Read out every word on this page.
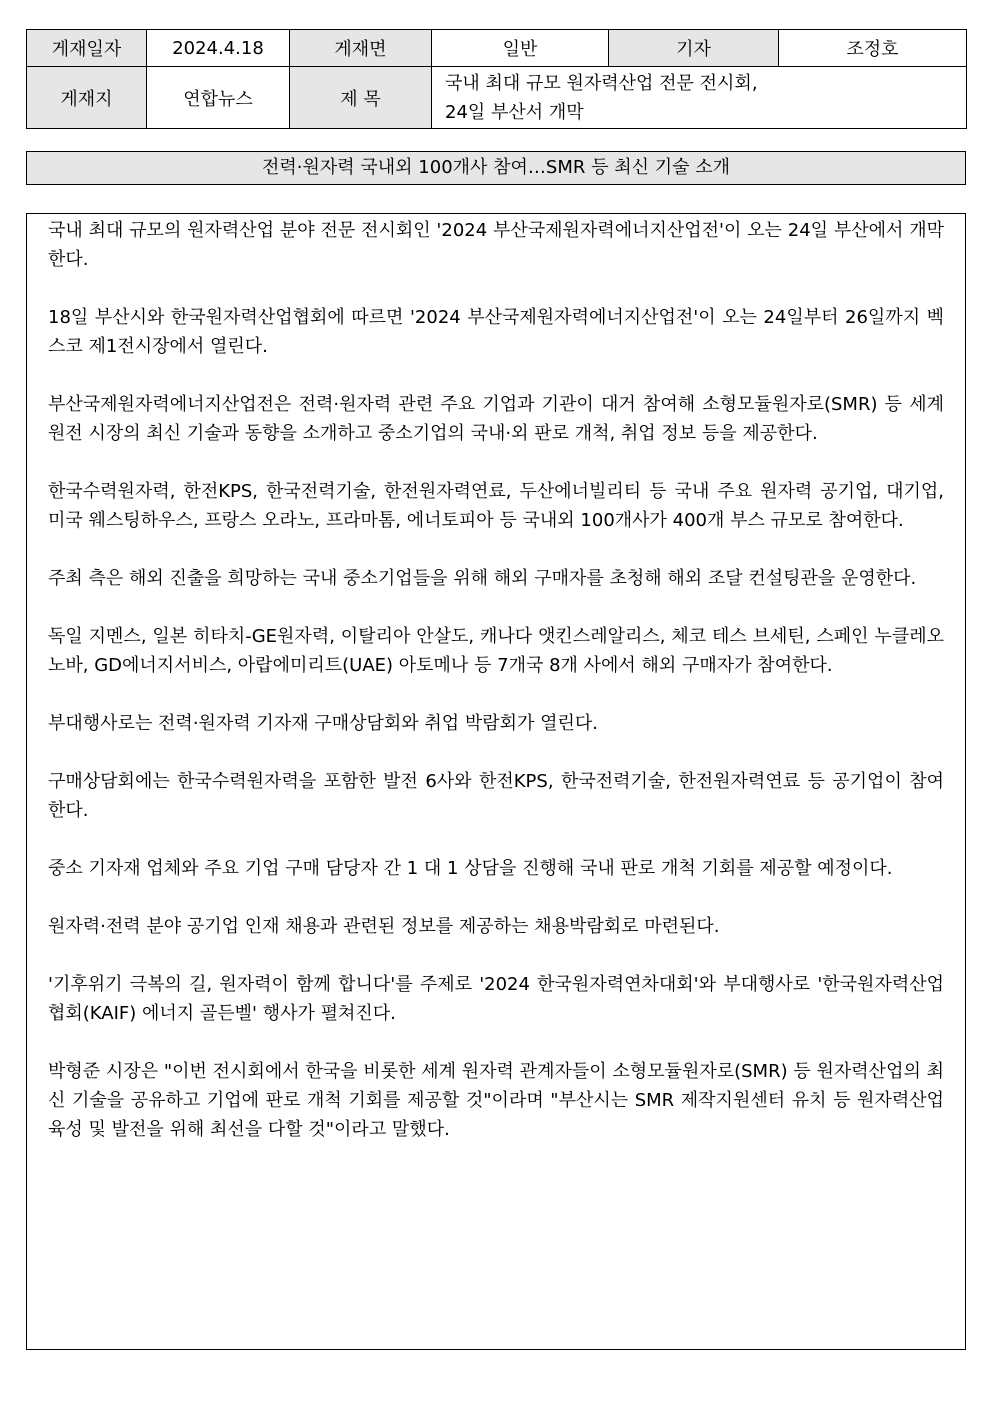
게재일자	2024.4.18	게재면	일반	기자	조정호
게재지	연합뉴스	제 목	국내 최대 규모 원자력산업 전문 전시회,
24일 부산서 개막		
전력·원자력 국내외 100개사 참여…SMR 등 최신 기술 소개

국내 최대 규모의 원자력산업 분야 전문 전시회인 '2024 부산국제원자력에너지산업전'이 오는 24일 부산에서 개막한다.

18일 부산시와 한국원자력산업협회에 따르면 '2024 부산국제원자력에너지산업전'이 오는 24일부터 26일까지 벡스코 제1전시장에서 열린다.

부산국제원자력에너지산업전은 전력·원자력 관련 주요 기업과 기관이 대거 참여해 소형모듈원자로(SMR) 등 세계 원전 시장의 최신 기술과 동향을 소개하고 중소기업의 국내·외 판로 개척, 취업 정보 등을 제공한다.

한국수력원자력, 한전KPS, 한국전력기술, 한전원자력연료, 두산에너빌리티 등 국내 주요 원자력 공기업, 대기업, 미국 웨스팅하우스, 프랑스 오라노, 프라마톰, 에너토피아 등 국내외 100개사가 400개 부스 규모로 참여한다.

주최 측은 해외 진출을 희망하는 국내 중소기업들을 위해 해외 구매자를 초청해 해외 조달 컨설팅관을 운영한다.

독일 지멘스, 일본 히타치-GE원자력, 이탈리아 안살도, 캐나다 앳킨스레알리스, 체코 테스 브세틴, 스페인 누클레오노바, GD에너지서비스, 아랍에미리트(UAE) 아토메나 등 7개국 8개 사에서 해외 구매자가 참여한다.

부대행사로는 전력·원자력 기자재 구매상담회와 취업 박람회가 열린다.

구매상담회에는 한국수력원자력을 포함한 발전 6사와 한전KPS, 한국전력기술, 한전원자력연료 등 공기업이 참여한다.

중소 기자재 업체와 주요 기업 구매 담당자 간 1 대 1 상담을 진행해 국내 판로 개척 기회를 제공할 예정이다.

원자력·전력 분야 공기업 인재 채용과 관련된 정보를 제공하는 채용박람회로 마련된다.

'기후위기 극복의 길, 원자력이 함께 합니다'를 주제로 '2024 한국원자력연차대회'와 부대행사로 '한국원자력산업협회(KAIF) 에너지 골든벨' 행사가 펼쳐진다.

박형준 시장은 "이번 전시회에서 한국을 비롯한 세계 원자력 관계자들이 소형모듈원자로(SMR) 등 원자력산업의 최신 기술을 공유하고 기업에 판로 개척 기회를 제공할 것"이라며 "부산시는 SMR 제작지원센터 유치 등 원자력산업 육성 및 발전을 위해 최선을 다할 것"이라고 말했다.
